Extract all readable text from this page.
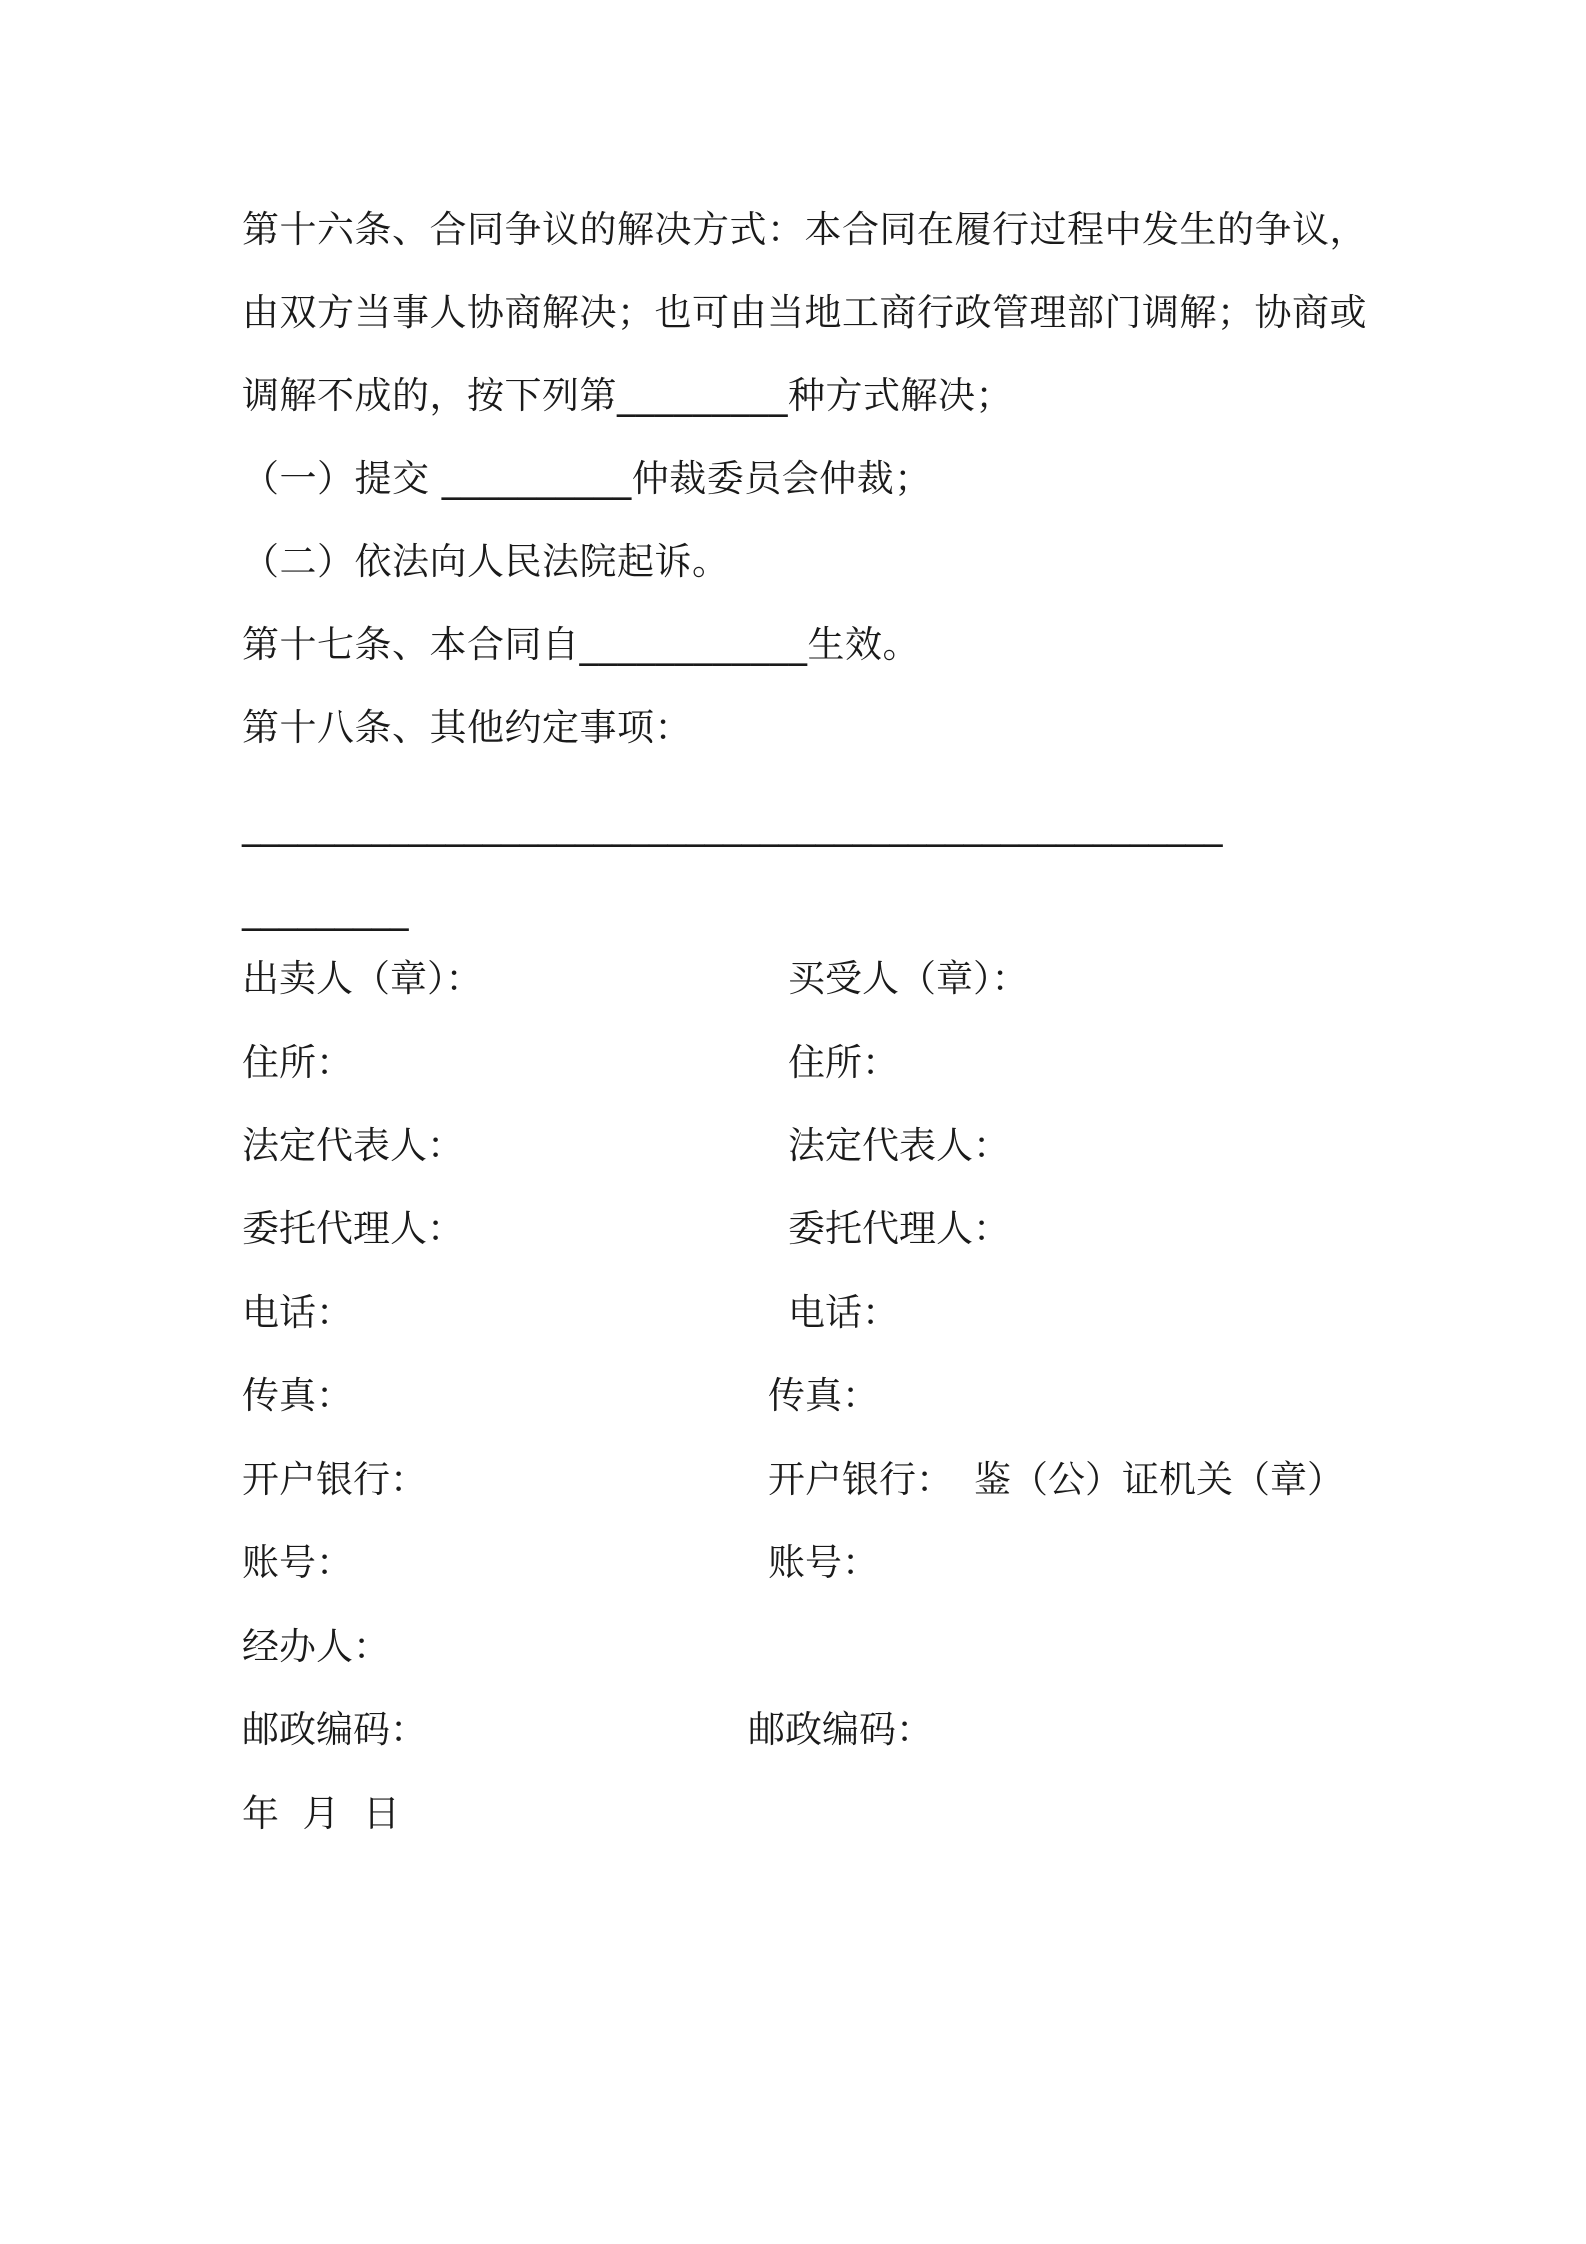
第十六条、合同争议的解决方式：本合同在履行过程中发生的争议，
由双方当事人协商解决；也可由当地工商行政管理部门调解；协商或
调解不成的，按下列第_________种方式解决；
（一）提交 __________仲裁委员会仲裁；
（二）依法向人民法院起诉。
第十七条、本合同自____________生效。
第十八条、其他约定事项：
_____________________________________________________
_________
出卖人（章）：	买受人（章）：
住所：	住所：
法定代表人：	法定代表人：
委托代理人：	委托代理人：
电话：	电话：
传真：	传真：
开户银行：	开户银行： 鉴（公）证机关（章）
账号：	账号：
经办人：
邮政编码：	邮政编码：
年  月  日
